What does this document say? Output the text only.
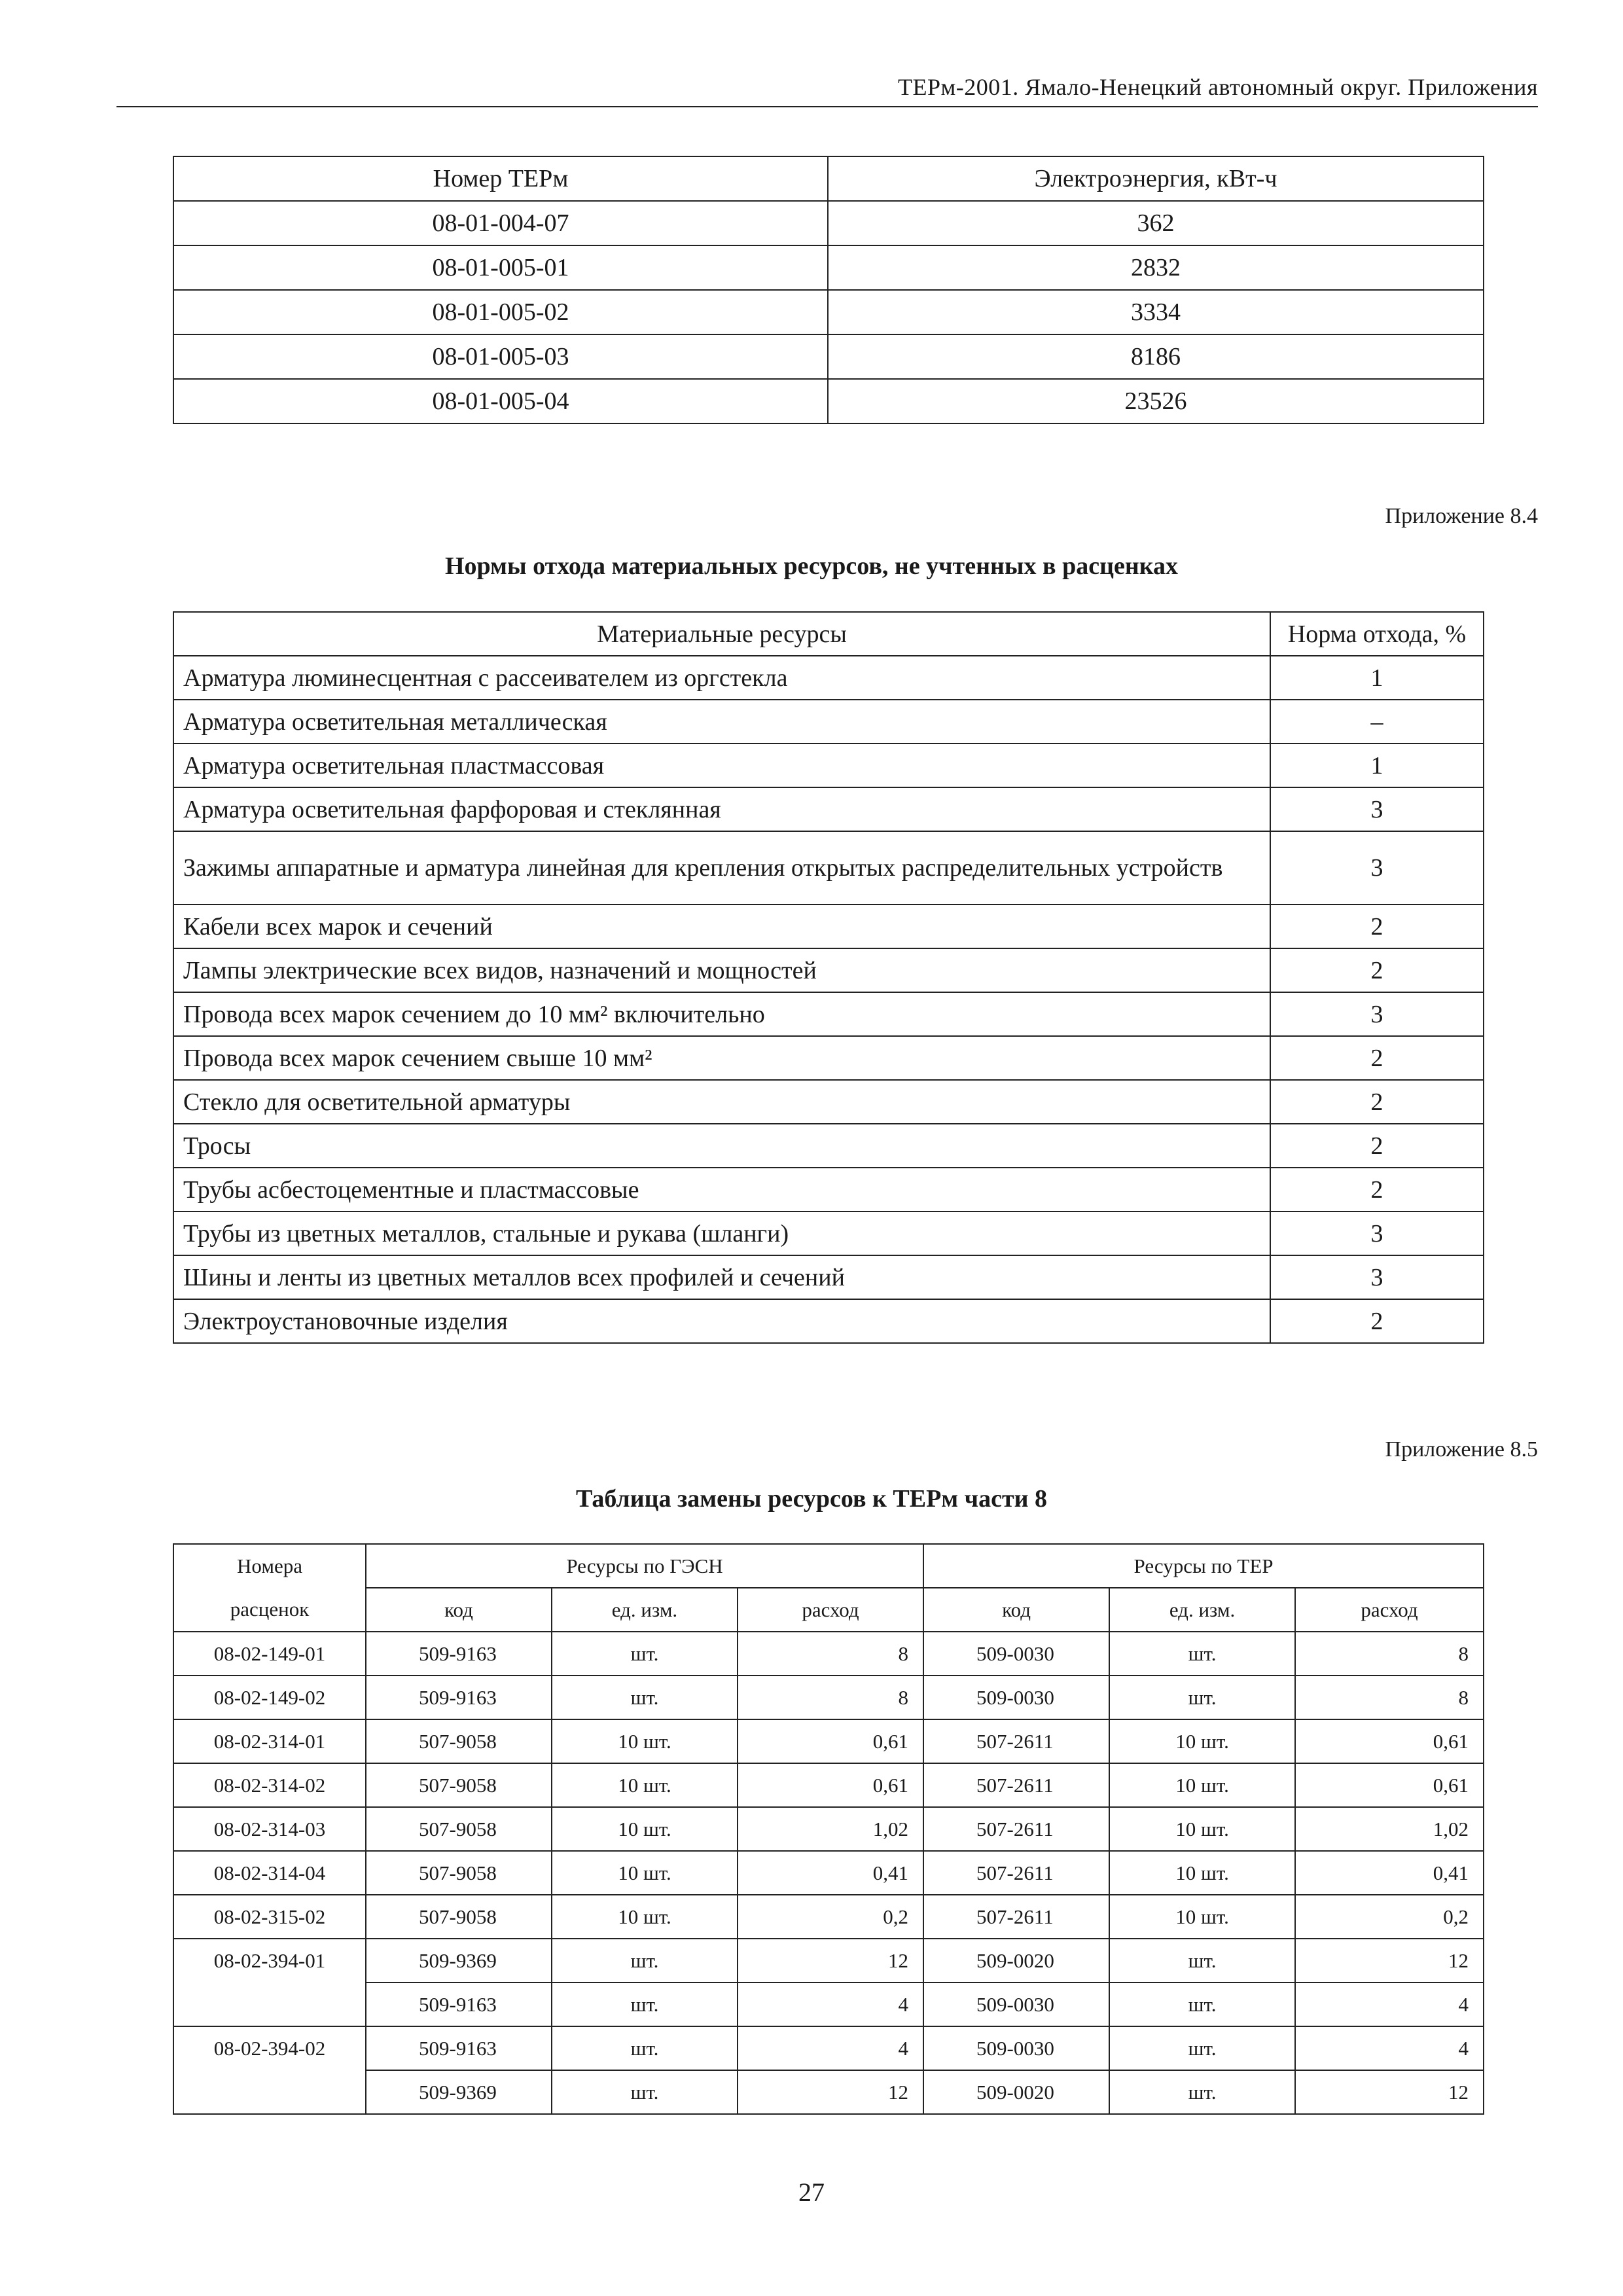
ТЕРм-2001. Ямало-Ненецкий автономный округ. Приложения
Номер ТЕРм	Электроэнергия, кВт-ч
08-01-004-07	362
08-01-005-01	2832
08-01-005-02	3334
08-01-005-03	8186
08-01-005-04	23526
Приложение 8.4
Нормы отхода материальных ресурсов, не учтенных в расценках
Материальные ресурсы	Норма отхода, %
Арматура люминесцентная с рассеивателем из оргстекла	1
Арматура осветительная металлическая	–
Арматура осветительная пластмассовая	1
Арматура осветительная фарфоровая и стеклянная	3
Зажимы аппаратные и арматура линейная для крепления открытых распределительных устройств	3
Кабели всех марок и сечений	2
Лампы электрические всех видов, назначений и мощностей	2
Провода всех марок сечением до 10 мм² включительно	3
Провода всех марок сечением свыше 10 мм²	2
Стекло для осветительной арматуры	2
Тросы	2
Трубы асбестоцементные и пластмассовые	2
Трубы из цветных металлов, стальные и рукава (шланги)	3
Шины и ленты из цветных металлов всех профилей и сечений	3
Электроустановочные изделия	2
Приложение 8.5
Таблица замены ресурсов к ТЕРм части 8
Номера	Ресурсы по ГЭСН			Ресурсы по ТЕР		
расценок	код	ед. изм.	расход	код	ед. изм.	расход
08-02-149-01	509-9163	шт.	8	509-0030	шт.	8
08-02-149-02	509-9163	шт.	8	509-0030	шт.	8
08-02-314-01	507-9058	10 шт.	0,61	507-2611	10 шт.	0,61
08-02-314-02	507-9058	10 шт.	0,61	507-2611	10 шт.	0,61
08-02-314-03	507-9058	10 шт.	1,02	507-2611	10 шт.	1,02
08-02-314-04	507-9058	10 шт.	0,41	507-2611	10 шт.	0,41
08-02-315-02	507-9058	10 шт.	0,2	507-2611	10 шт.	0,2
08-02-394-01	509-9369	шт.	12	509-0020	шт.	12
	509-9163	шт.	4	509-0030	шт.	4
08-02-394-02	509-9163	шт.	4	509-0030	шт.	4
	509-9369	шт.	12	509-0020	шт.	12
27
